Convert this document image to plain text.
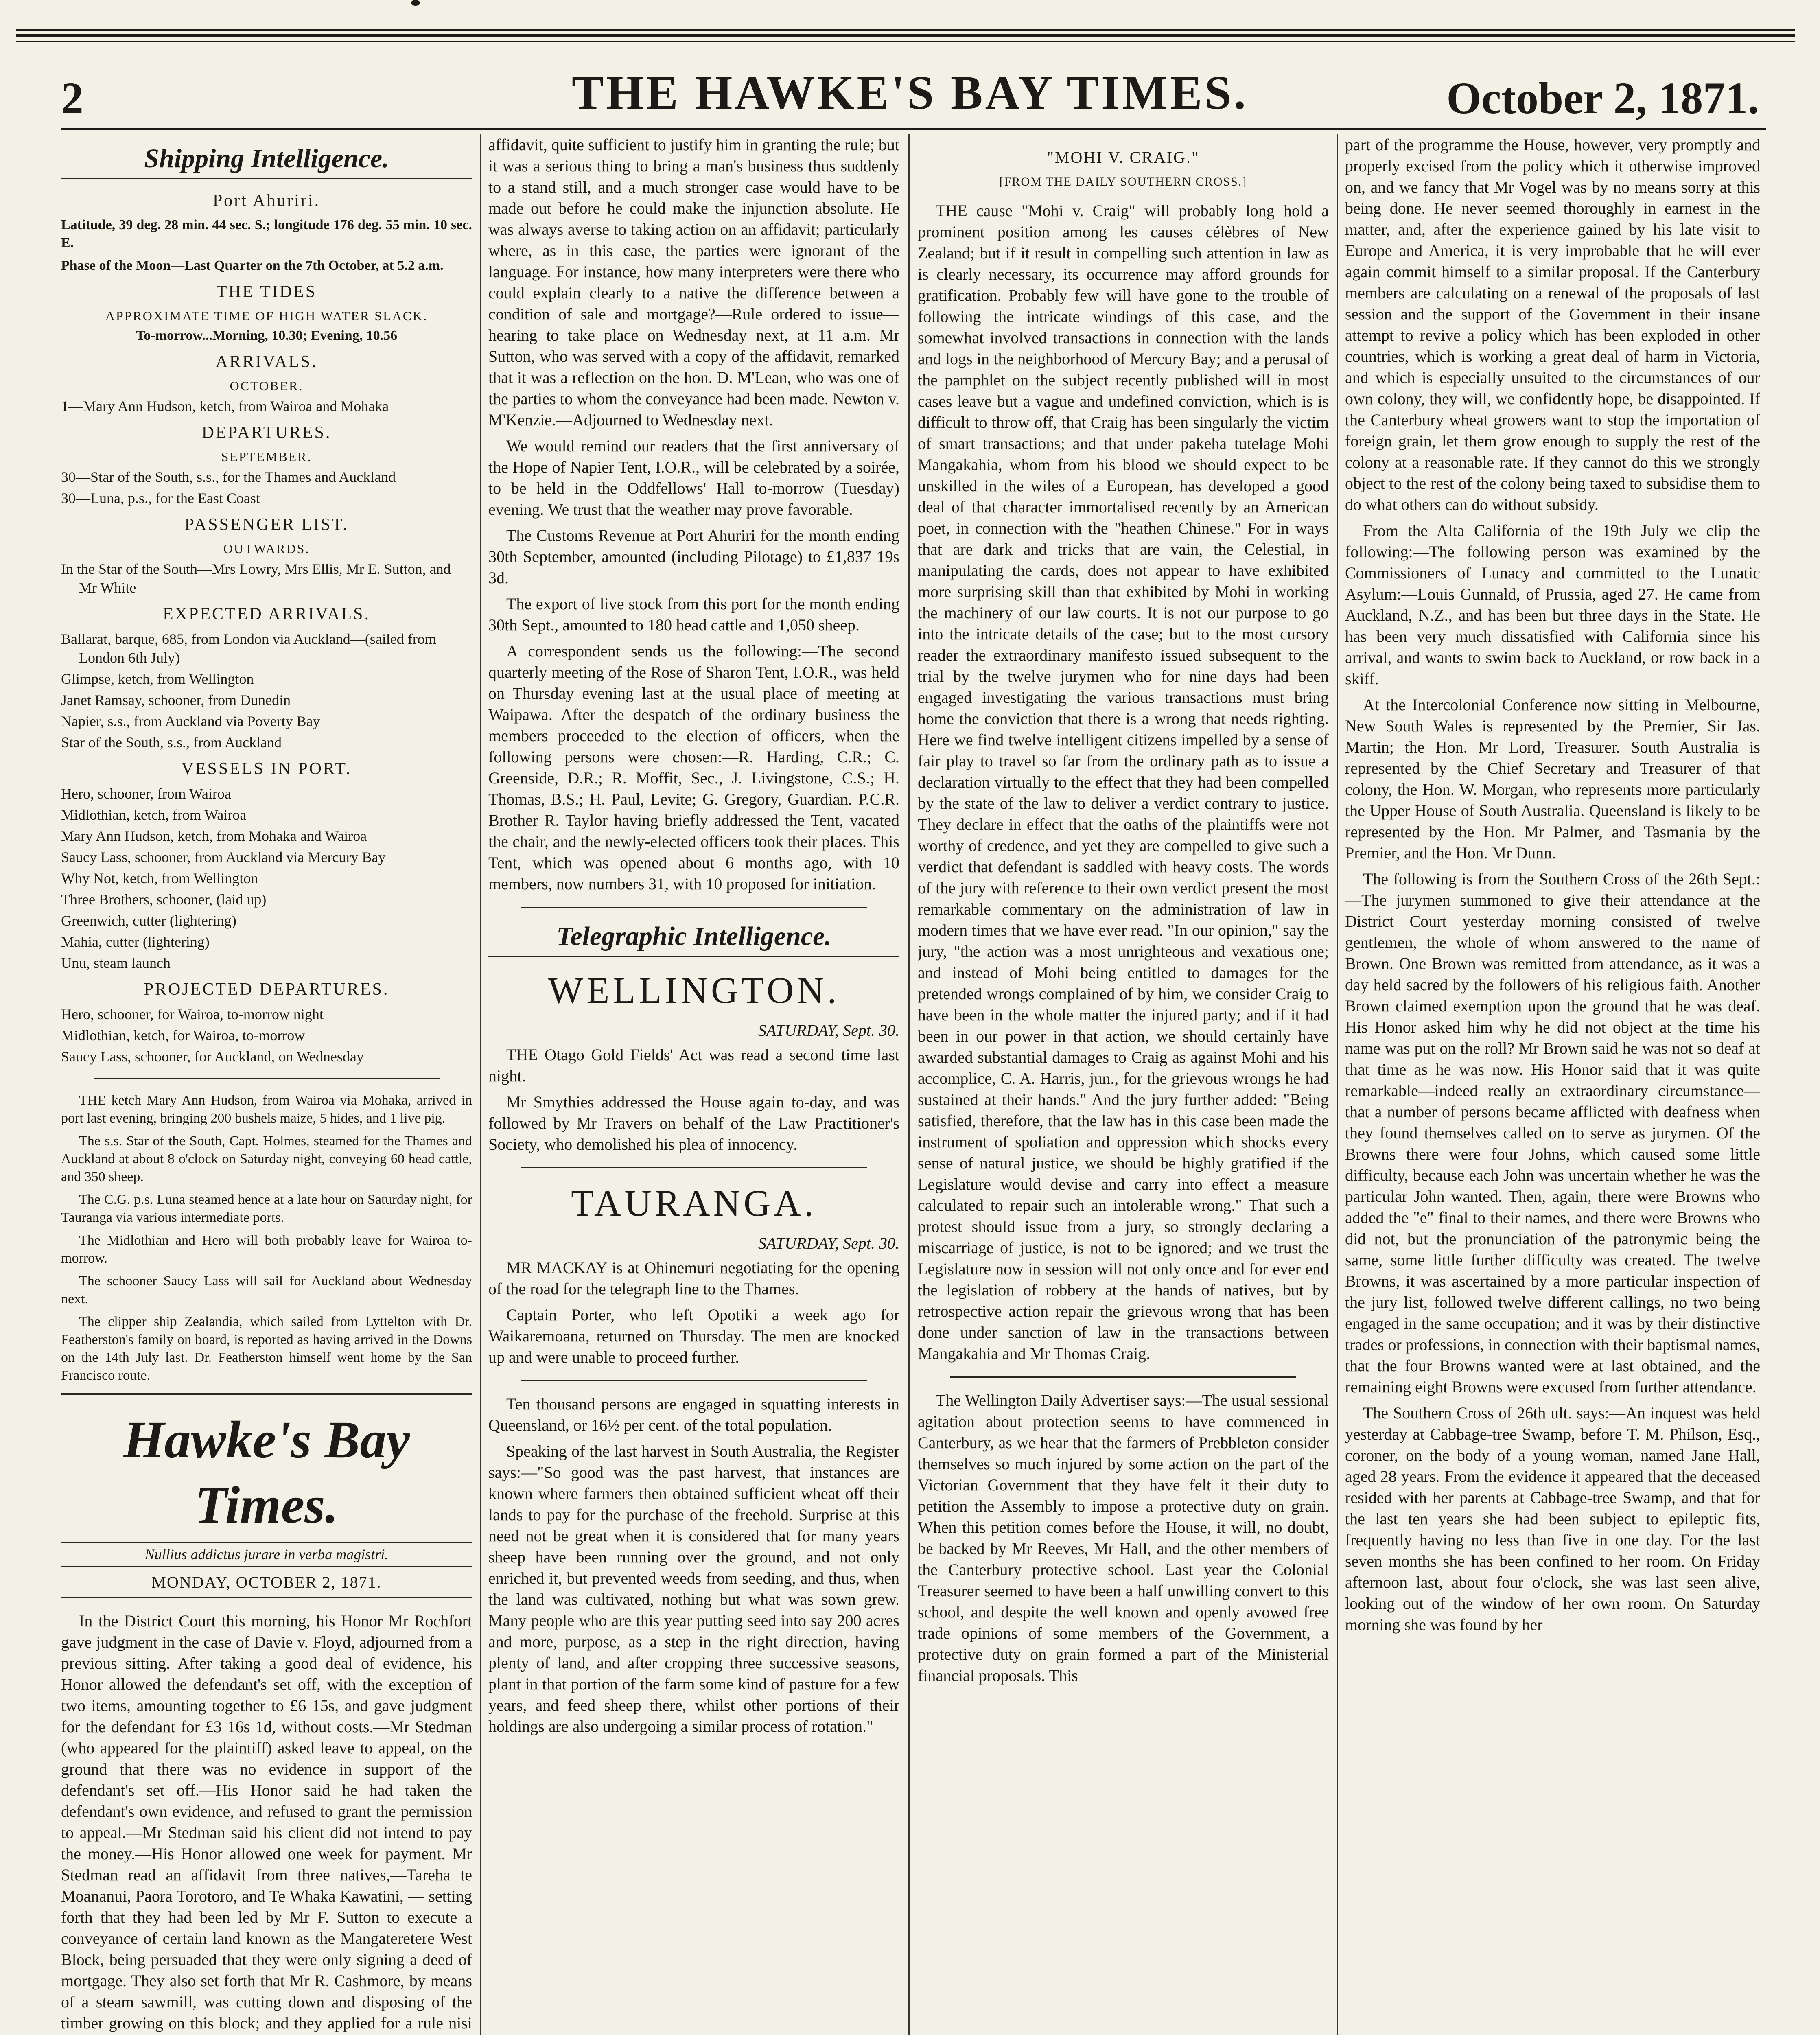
THE HAWKE'S BAY TIMES.
2	October 2, 1871.
Shipping Intelligence.
Port Ahuriri.

Latitude, 39 deg. 28 min. 44 sec. S.; longitude 176 deg. 55 min. 10 sec. E.

Phase of the Moon—Last Quarter on the 7th October, at 5.2 a.m.

THE TIDES
APPROXIMATE TIME OF HIGH WATER SLACK.

To-morrow...Morning, 10.30; Evening, 10.56

ARRIVALS.
OCTOBER.

1—Mary Ann Hudson, ketch, from Wairoa and Mohaka

DEPARTURES.
SEPTEMBER.

30—Star of the South, s.s., for the Thames and Auckland

30—Luna, p.s., for the East Coast

PASSENGER LIST.
OUTWARDS.

In the Star of the South—Mrs Lowry, Mrs Ellis, Mr E. Sutton, and Mr White

EXPECTED ARRIVALS.

Ballarat, barque, 685, from London via Auckland—(sailed from London 6th July)

Glimpse, ketch, from Wellington

Janet Ramsay, schooner, from Dunedin

Napier, s.s., from Auckland via Poverty Bay

Star of the South, s.s., from Auckland

VESSELS IN PORT.

Hero, schooner, from Wairoa

Midlothian, ketch, from Wairoa

Mary Ann Hudson, ketch, from Mohaka and Wairoa

Saucy Lass, schooner, from Auckland via Mercury Bay

Why Not, ketch, from Wellington

Three Brothers, schooner, (laid up)

Greenwich, cutter (lightering)

Mahia, cutter (lightering)

Unu, steam launch

PROJECTED DEPARTURES.

Hero, schooner, for Wairoa, to-morrow night

Midlothian, ketch, for Wairoa, to-morrow

Saucy Lass, schooner, for Auckland, on Wednesday

THE ketch Mary Ann Hudson, from Wairoa via Mohaka, arrived in port last evening, bringing 200 bushels maize, 5 hides, and 1 live pig.

The s.s. Star of the South, Capt. Holmes, steamed for the Thames and Auckland at about 8 o'clock on Saturday night, conveying 60 head cattle, and 350 sheep.

The C.G. p.s. Luna steamed hence at a late hour on Saturday night, for Tauranga via various intermediate ports.

The Midlothian and Hero will both probably leave for Wairoa to-morrow.

The schooner Saucy Lass will sail for Auckland about Wednesday next.

The clipper ship Zealandia, which sailed from Lyttelton with Dr. Featherston's family on board, is reported as having arrived in the Downs on the 14th July last. Dr. Featherston himself went home by the San Francisco route.

Hawke's Bay Times.
Nullius addictus jurare in verba magistri.
MONDAY, OCTOBER 2, 1871.

In the District Court this morning, his Honor Mr Rochfort gave judgment in the case of Davie v. Floyd, adjourned from a previous sitting. After taking a good deal of evidence, his Honor allowed the defendant's set off, with the exception of two items, amounting together to £6 15s, and gave judgment for the defendant for £3 16s 1d, without costs.—Mr Stedman (who appeared for the plaintiff) asked leave to appeal, on the ground that there was no evidence in support of the defendant's set off.—His Honor said he had taken the defendant's own evidence, and refused to grant the permission to appeal.—Mr Stedman said his client did not intend to pay the money.—His Honor allowed one week for payment. Mr Stedman read an affidavit from three natives,—Tareha te Moananui, Paora Torotoro, and Te Whaka Kawatini, — setting forth that they had been led by Mr F. Sutton to execute a conveyance of certain land known as the Mangateretere West Block, being persuaded that they were only signing a deed of mortgage. They also set forth that Mr R. Cashmore, by means of a steam sawmill, was cutting down and disposing of the timber growing on this block; and they applied for a rule nisi

affidavit, quite sufficient to justify him in granting the rule; but it was a serious thing to bring a man's business thus suddenly to a stand still, and a much stronger case would have to be made out before he could make the injunction absolute. He was always averse to taking action on an affidavit; particularly where, as in this case, the parties were ignorant of the language. For instance, how many interpreters were there who could explain clearly to a native the difference between a condition of sale and mortgage?—Rule ordered to issue—hearing to take place on Wednesday next, at 11 a.m. Mr Sutton, who was served with a copy of the affidavit, remarked that it was a reflection on the hon. D. M'Lean, who was one of the parties to whom the conveyance had been made. Newton v. M'Kenzie.—Adjourned to Wednesday next.

We would remind our readers that the first anniversary of the Hope of Napier Tent, I.O.R., will be celebrated by a soirée, to be held in the Oddfellows' Hall to-morrow (Tuesday) evening. We trust that the weather may prove favorable.

The Customs Revenue at Port Ahuriri for the month ending 30th September, amounted (including Pilotage) to £1,837 19s 3d.

The export of live stock from this port for the month ending 30th Sept., amounted to 180 head cattle and 1,050 sheep.

A correspondent sends us the following:—The second quarterly meeting of the Rose of Sharon Tent, I.O.R., was held on Thursday evening last at the usual place of meeting at Waipawa. After the despatch of the ordinary business the members proceeded to the election of officers, when the following persons were chosen:—R. Harding, C.R.; C. Greenside, D.R.; R. Moffit, Sec., J. Livingstone, C.S.; H. Thomas, B.S.; H. Paul, Levite; G. Gregory, Guardian. P.C.R. Brother R. Taylor having briefly addressed the Tent, vacated the chair, and the newly-elected officers took their places. This Tent, which was opened about 6 months ago, with 10 members, now numbers 31, with 10 proposed for initiation.

Telegraphic Intelligence.
WELLINGTON.
SATURDAY, Sept. 30.

THE Otago Gold Fields' Act was read a second time last night.

Mr Smythies addressed the House again to-day, and was followed by Mr Travers on behalf of the Law Practitioner's Society, who demolished his plea of innocency.

TAURANGA.
SATURDAY, Sept. 30.

MR MACKAY is at Ohinemuri negotiating for the opening of the road for the telegraph line to the Thames.

Captain Porter, who left Opotiki a week ago for Waikaremoana, returned on Thursday. The men are knocked up and were unable to proceed further.

Ten thousand persons are engaged in squatting interests in Queensland, or 16½ per cent. of the total population.

Speaking of the last harvest in South Australia, the Register says:—"So good was the past harvest, that instances are known where farmers then obtained sufficient wheat off their lands to pay for the purchase of the freehold. Surprise at this need not be great when it is considered that for many years sheep have been running over the ground, and not only enriched it, but prevented weeds from seeding, and thus, when the land was cultivated, nothing but what was sown grew. Many people who are this year putting seed into say 200 acres and more, purpose, as a step in the right direction, having plenty of land, and after cropping three successive seasons, plant in that portion of the farm some kind of pasture for a few years, and feed sheep there, whilst other portions of their holdings are also undergoing a similar process of rotation."

"MOHI V. CRAIG."
[FROM THE DAILY SOUTHERN CROSS.]

THE cause "Mohi v. Craig" will probably long hold a prominent position among les causes célèbres of New Zealand; but if it result in compelling such attention in law as is clearly necessary, its occurrence may afford grounds for gratification. Probably few will have gone to the trouble of following the intricate windings of this case, and the somewhat involved transactions in connection with the lands and logs in the neighborhood of Mercury Bay; and a perusal of the pamphlet on the subject recently published will in most cases leave but a vague and undefined conviction, which is is difficult to throw off, that Craig has been singularly the victim of smart transactions; and that under pakeha tutelage Mohi Mangakahia, whom from his blood we should expect to be unskilled in the wiles of a European, has developed a good deal of that character immortalised recently by an American poet, in connection with the "heathen Chinese." For in ways that are dark and tricks that are vain, the Celestial, in manipulating the cards, does not appear to have exhibited more surprising skill than that exhibited by Mohi in working the machinery of our law courts. It is not our purpose to go into the intricate details of the case; but to the most cursory reader the extraordinary manifesto issued subsequent to the trial by the twelve jurymen who for nine days had been engaged investigating the various transactions must bring home the conviction that there is a wrong that needs righting. Here we find twelve intelligent citizens impelled by a sense of fair play to travel so far from the ordinary path as to issue a declaration virtually to the effect that they had been compelled by the state of the law to deliver a verdict contrary to justice. They declare in effect that the oaths of the plaintiffs were not worthy of credence, and yet they are compelled to give such a verdict that defendant is saddled with heavy costs. The words of the jury with reference to their own verdict present the most remarkable commentary on the administration of law in modern times that we have ever read. "In our opinion," say the jury, "the action was a most unrighteous and vexatious one; and instead of Mohi being entitled to damages for the pretended wrongs complained of by him, we consider Craig to have been in the whole matter the injured party; and if it had been in our power in that action, we should certainly have awarded substantial damages to Craig as against Mohi and his accomplice, C. A. Harris, jun., for the grievous wrongs he had sustained at their hands." And the jury further added: "Being satisfied, therefore, that the law has in this case been made the instrument of spoliation and oppression which shocks every sense of natural justice, we should be highly gratified if the Legislature would devise and carry into effect a measure calculated to repair such an intolerable wrong." That such a protest should issue from a jury, so strongly declaring a miscarriage of justice, is not to be ignored; and we trust the Legislature now in session will not only once and for ever end the legislation of robbery at the hands of natives, but by retrospective action repair the grievous wrong that has been done under sanction of law in the transactions between Mangakahia and Mr Thomas Craig.

The Wellington Daily Advertiser says:—The usual sessional agitation about protection seems to have commenced in Canterbury, as we hear that the farmers of Prebbleton consider themselves so much injured by some action on the part of the Victorian Government that they have felt it their duty to petition the Assembly to impose a protective duty on grain. When this petition comes before the House, it will, no doubt, be backed by Mr Reeves, Mr Hall, and the other members of the Canterbury protective school. Last year the Colonial Treasurer seemed to have been a half unwilling convert to this school, and despite the well known and openly avowed free trade opinions of some members of the Government, a protective duty on grain formed a part of the Ministerial financial proposals. This

part of the programme the House, however, very promptly and properly excised from the policy which it otherwise improved on, and we fancy that Mr Vogel was by no means sorry at this being done. He never seemed thoroughly in earnest in the matter, and, after the experience gained by his late visit to Europe and America, it is very improbable that he will ever again commit himself to a similar proposal. If the Canterbury members are calculating on a renewal of the proposals of last session and the support of the Government in their insane attempt to revive a policy which has been exploded in other countries, which is working a great deal of harm in Victoria, and which is especially unsuited to the circumstances of our own colony, they will, we confidently hope, be disappointed. If the Canterbury wheat growers want to stop the importation of foreign grain, let them grow enough to supply the rest of the colony at a reasonable rate. If they cannot do this we strongly object to the rest of the colony being taxed to subsidise them to do what others can do without subsidy.

From the Alta California of the 19th July we clip the following:—The following person was examined by the Commissioners of Lunacy and committed to the Lunatic Asylum:—Louis Gunnald, of Prussia, aged 27. He came from Auckland, N.Z., and has been but three days in the State. He has been very much dissatisfied with California since his arrival, and wants to swim back to Auckland, or row back in a skiff.

At the Intercolonial Conference now sitting in Melbourne, New South Wales is represented by the Premier, Sir Jas. Martin; the Hon. Mr Lord, Treasurer. South Australia is represented by the Chief Secretary and Treasurer of that colony, the Hon. W. Morgan, who represents more particularly the Upper House of South Australia. Queensland is likely to be represented by the Hon. Mr Palmer, and Tasmania by the Premier, and the Hon. Mr Dunn.

The following is from the Southern Cross of the 26th Sept.:—The jurymen summoned to give their attendance at the District Court yesterday morning consisted of twelve gentlemen, the whole of whom answered to the name of Brown. One Brown was remitted from attendance, as it was a day held sacred by the followers of his religious faith. Another Brown claimed exemption upon the ground that he was deaf. His Honor asked him why he did not object at the time his name was put on the roll? Mr Brown said he was not so deaf at that time as he was now. His Honor said that it was quite remarkable—indeed really an extraordinary circumstance—that a number of persons became afflicted with deafness when they found themselves called on to serve as jurymen. Of the Browns there were four Johns, which caused some little difficulty, because each John was uncertain whether he was the particular John wanted. Then, again, there were Browns who added the "e" final to their names, and there were Browns who did not, but the pronunciation of the patronymic being the same, some little further difficulty was created. The twelve Browns, it was ascertained by a more particular inspection of the jury list, followed twelve different callings, no two being engaged in the same occupation; and it was by their distinctive trades or professions, in connection with their baptismal names, that the four Browns wanted were at last obtained, and the remaining eight Browns were excused from further attendance.

The Southern Cross of 26th ult. says:—An inquest was held yesterday at Cabbage-tree Swamp, before T. M. Philson, Esq., coroner, on the body of a young woman, named Jane Hall, aged 28 years. From the evidence it appeared that the deceased resided with her parents at Cabbage-tree Swamp, and that for the last ten years she had been subject to epileptic fits, frequently having no less than five in one day. For the last seven months she has been confined to her room. On Friday afternoon last, about four o'clock, she was last seen alive, looking out of the window of her own room. On Saturday morning she was found by her
